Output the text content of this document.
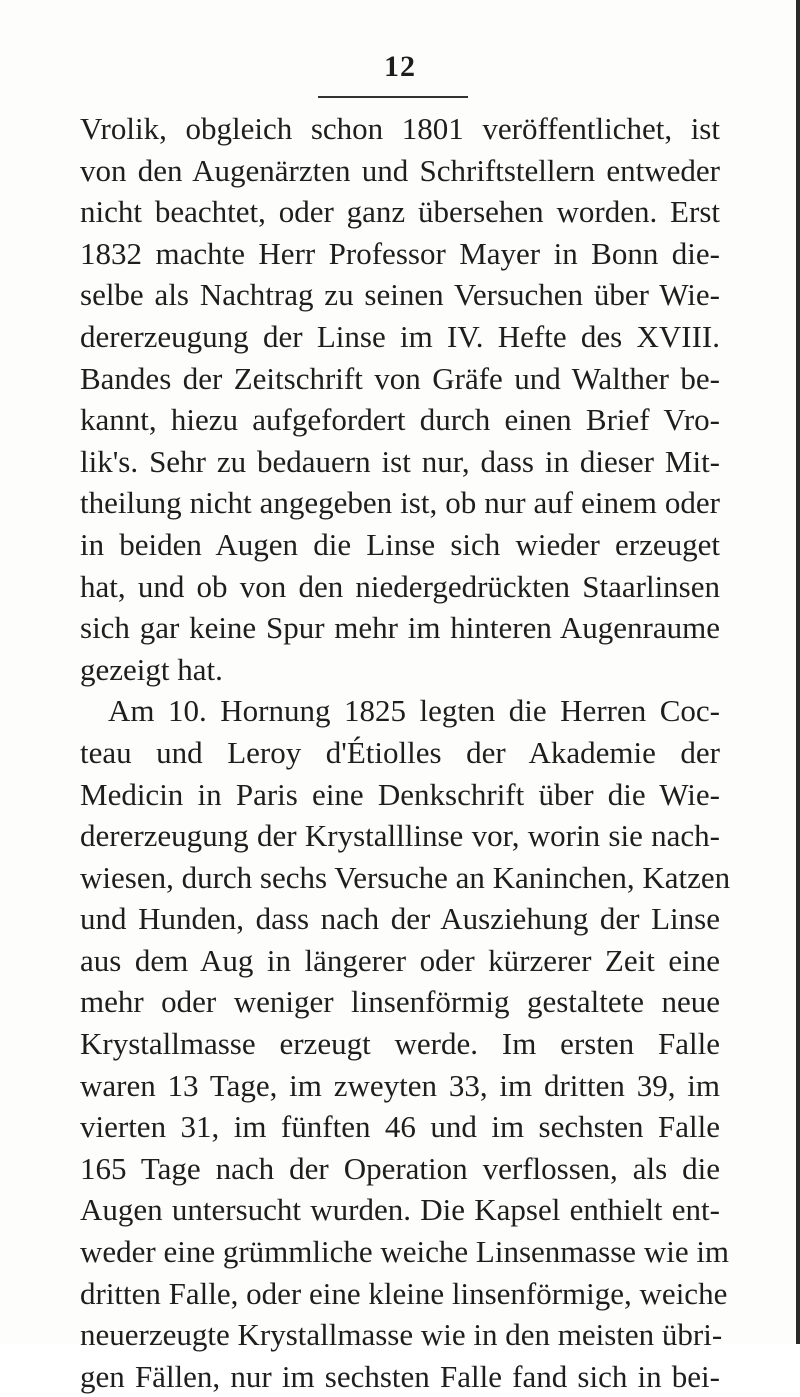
12
Vrolik, obgleich schon 1801 veröffentlichet, ist
von den Augenärzten und Schriftstellern entweder
nicht beachtet, oder ganz übersehen worden. Erst
1832 machte Herr Professor Mayer in Bonn die-
selbe als Nachtrag zu seinen Versuchen über Wie-
dererzeugung der Linse im IV. Hefte des XVIII.
Bandes der Zeitschrift von Gräfe und Walther be-
kannt, hiezu aufgefordert durch einen Brief Vro-
lik's. Sehr zu bedauern ist nur, dass in dieser Mit-
theilung nicht angegeben ist, ob nur auf einem oder
in beiden Augen die Linse sich wieder erzeuget
hat, und ob von den niedergedrückten Staarlinsen
sich gar keine Spur mehr im hinteren Augenraume
gezeigt hat.
Am 10. Hornung 1825 legten die Herren Coc-
teau und Leroy d'Étiolles der Akademie der
Medicin in Paris eine Denkschrift über die Wie-
dererzeugung der Krystalllinse vor, worin sie nach-
wiesen, durch sechs Versuche an Kaninchen, Katzen
und Hunden, dass nach der Ausziehung der Linse
aus dem Aug in längerer oder kürzerer Zeit eine
mehr oder weniger linsenförmig gestaltete neue
Krystallmasse erzeugt werde. Im ersten Falle
waren 13 Tage, im zweyten 33, im dritten 39, im
vierten 31, im fünften 46 und im sechsten Falle
165 Tage nach der Operation verflossen, als die
Augen untersucht wurden. Die Kapsel enthielt ent-
weder eine grümmliche weiche Linsenmasse wie im
dritten Falle, oder eine kleine linsenförmige, weiche
neuerzeugte Krystallmasse wie in den meisten übri-
gen Fällen, nur im sechsten Falle fand sich in bei-
